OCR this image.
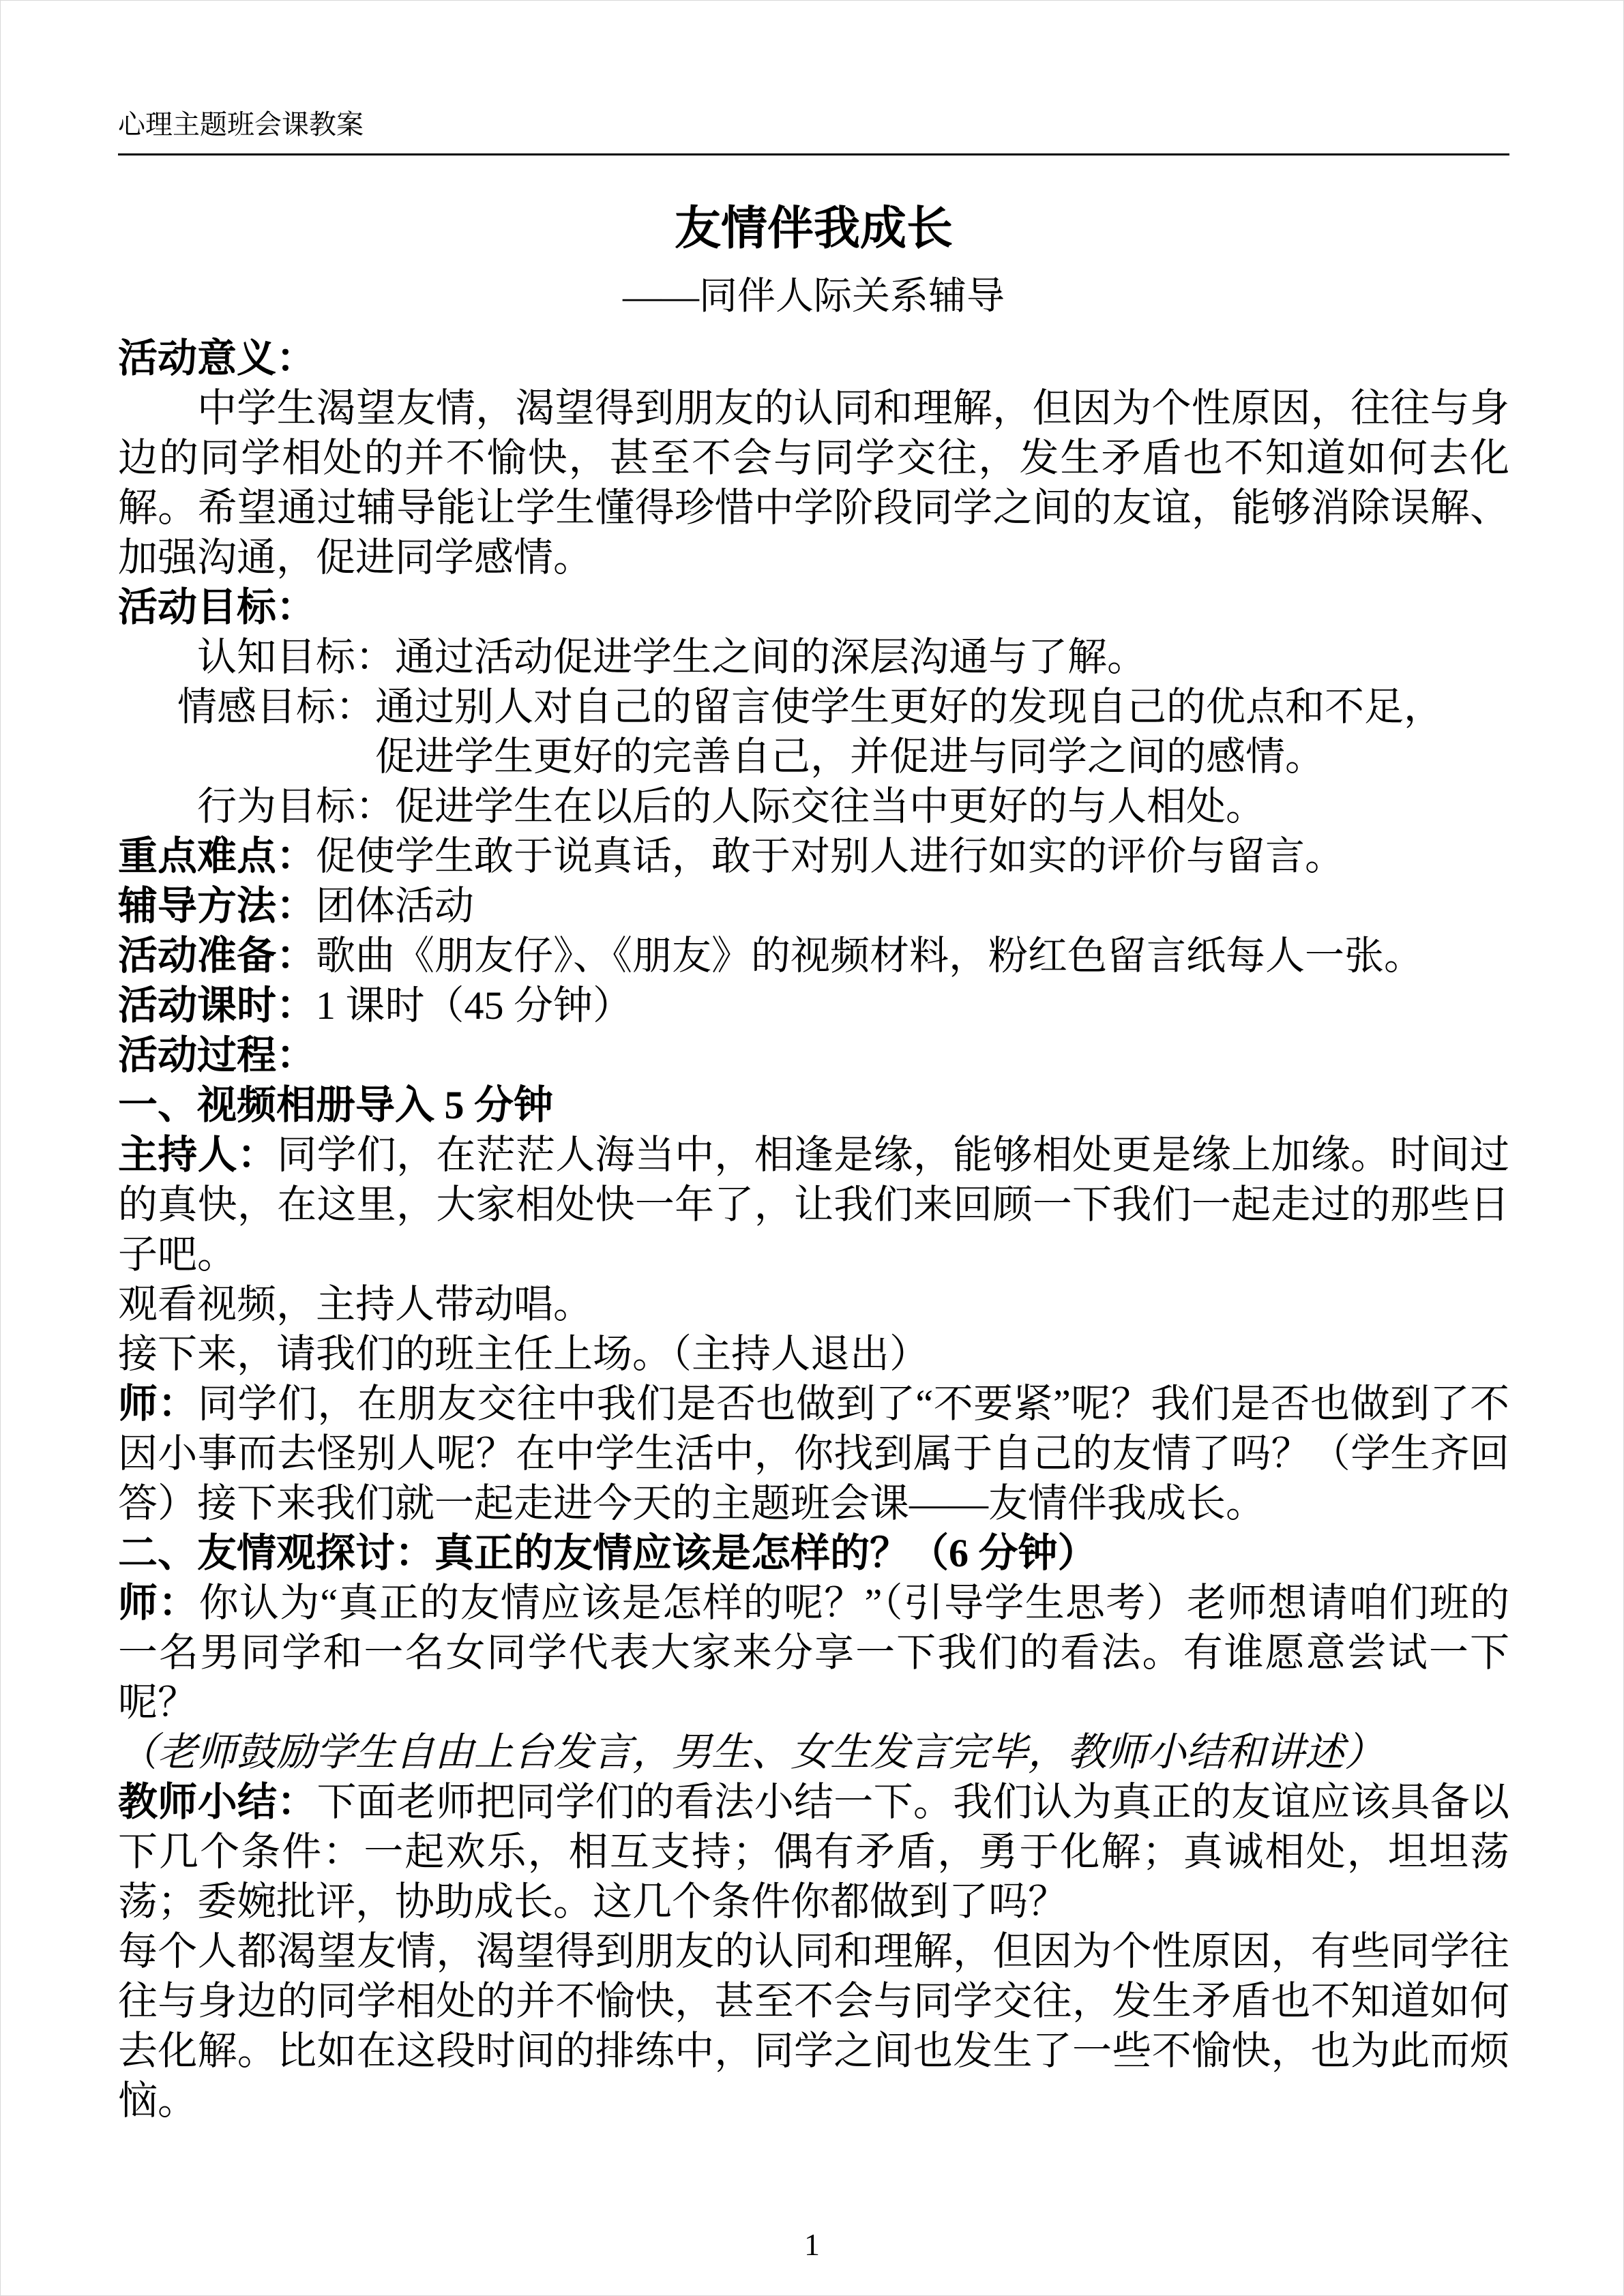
心理主题班会课教案
友情伴我成长
——同伴人际关系辅导

活动意义：

中学生渴望友情，渴望得到朋友的认同和理解，但因为个性原因，往往与身边的同学相处的并不愉快，甚至不会与同学交往，发生矛盾也不知道如何去化解。希望通过辅导能让学生懂得珍惜中学阶段同学之间的友谊，能够消除误解、加强沟通，促进同学感情。

活动目标：

认知目标：通过活动促进学生之间的深层沟通与了解。

情感目标：通过别人对自己的留言使学生更好的发现自己的优点和不足，

促进学生更好的完善自己，并促进与同学之间的感情。

行为目标：促进学生在以后的人际交往当中更好的与人相处。

重点难点：促使学生敢于说真话，敢于对别人进行如实的评价与留言。

辅导方法：团体活动

活动准备：歌曲《朋友仔》、《朋友》的视频材料，粉红色留言纸每人一张。

活动课时：1 课时（45 分钟）

活动过程：

一、视频相册导入 5 分钟

主持人：同学们，在茫茫人海当中，相逢是缘，能够相处更是缘上加缘。时间过的真快，在这里，大家相处快一年了，让我们来回顾一下我们一起走过的那些日子吧。

观看视频，主持人带动唱。

接下来，请我们的班主任上场。（主持人退出）

师：同学们，在朋友交往中我们是否也做到了“不要紧”呢？我们是否也做到了不因小事而去怪别人呢？在中学生活中，你找到属于自己的友情了吗？（学生齐回答）接下来我们就一起走进今天的主题班会课——友情伴我成长。

二、友情观探讨：真正的友情应该是怎样的？（6 分钟）

师：你认为“真正的友情应该是怎样的呢？”（引导学生思考）老师想请咱们班的一名男同学和一名女同学代表大家来分享一下我们的看法。有谁愿意尝试一下呢？

（老师鼓励学生自由上台发言，男生、女生发言完毕，教师小结和讲述）

教师小结：下面老师把同学们的看法小结一下。我们认为真正的友谊应该具备以下几个条件：一起欢乐，相互支持；偶有矛盾，勇于化解；真诚相处，坦坦荡荡；委婉批评，协助成长。这几个条件你都做到了吗？

每个人都渴望友情，渴望得到朋友的认同和理解，但因为个性原因，有些同学往往与身边的同学相处的并不愉快，甚至不会与同学交往，发生矛盾也不知道如何去化解。比如在这段时间的排练中，同学之间也发生了一些不愉快，也为此而烦恼。

1
